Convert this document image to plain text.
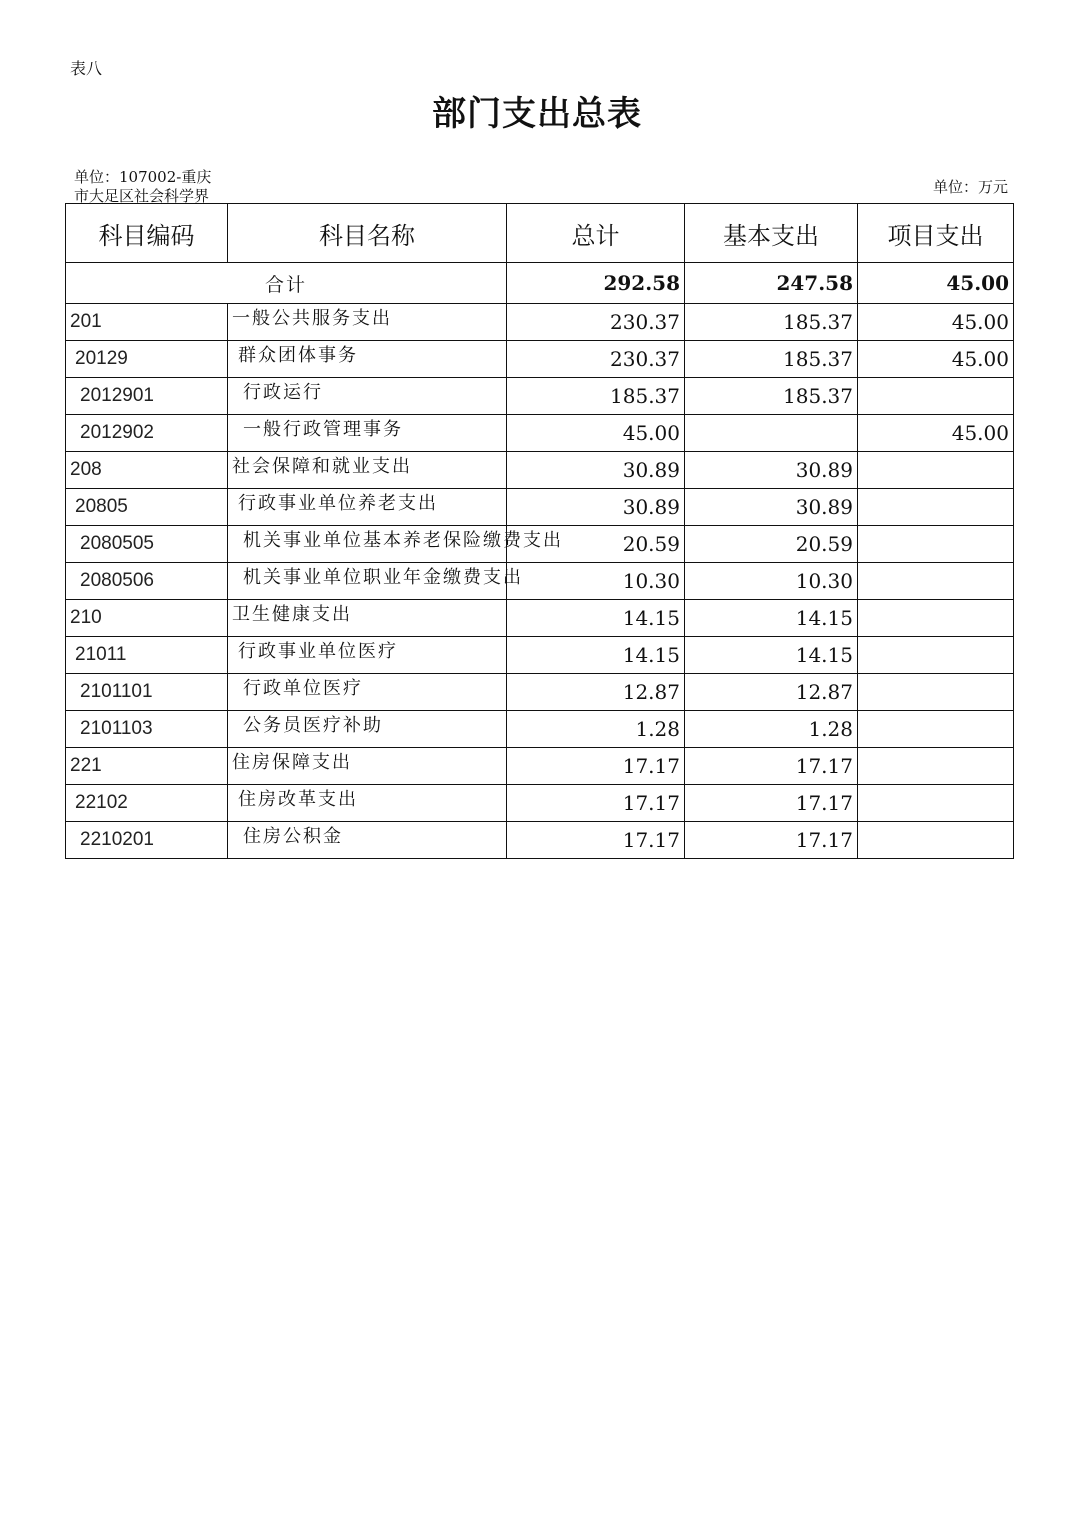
表八
部门支出总表
单位：107002-重庆市大足区社会科学界	单位：万元
科目编码	科目名称	总计	基本支出	项目支出
合计		292.58	247.58	45.00
201	一般公共服务支出	230.37	185.37	45.00
20129	群众团体事务	230.37	185.37	45.00
2012901	行政运行	185.37	185.37	
2012902	一般行政管理事务	45.00		45.00
208	社会保障和就业支出	30.89	30.89	
20805	行政事业单位养老支出	30.89	30.89	
2080505	机关事业单位基本养老保险缴费支出	20.59	20.59	
2080506	机关事业单位职业年金缴费支出	10.30	10.30	
210	卫生健康支出	14.15	14.15	
21011	行政事业单位医疗	14.15	14.15	
2101101	行政单位医疗	12.87	12.87	
2101103	公务员医疗补助	1.28	1.28	
221	住房保障支出	17.17	17.17	
22102	住房改革支出	17.17	17.17	
2210201	住房公积金	17.17	17.17	
